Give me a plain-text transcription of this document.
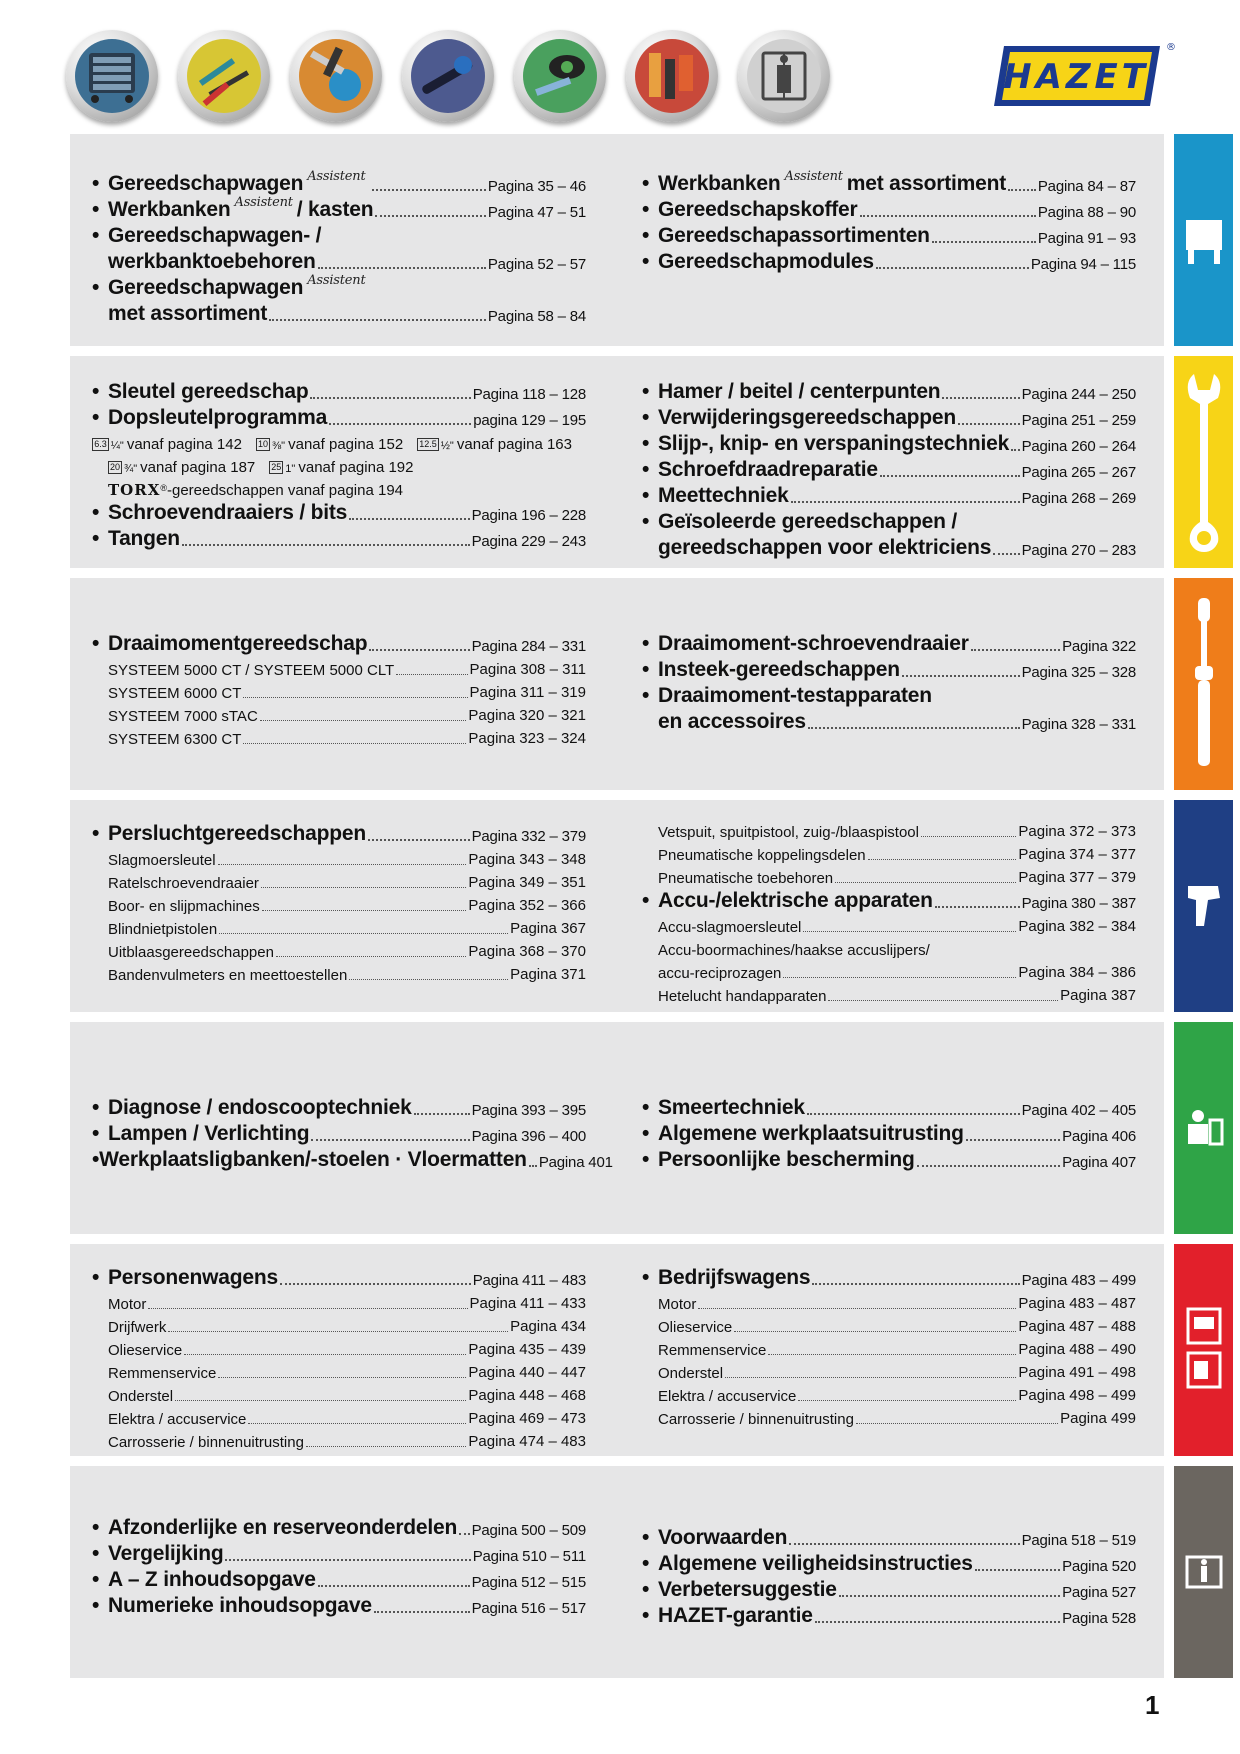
HAZET
®
• Gereedschapwagen $^{Assistent}$
Pagina 35 – 46
• Werkbanken $^{Assistent}$ / kasten	Pagina 47 – 51
• Gereedschapwagen- /
werkbanktoebehoren	Pagina 52 – 57
• Gereedschapwagen $^{Assistent}$
met assortiment	Pagina 58 – 84
• Werkbanken $^{Assistent}$ met assortiment Pagina 84 – 87
• Gereedschapskoffer	Pagina 88 – 90
• Gereedschapassortimenten	Pagina 91 – 93
• Gereedschapmodules	Pagina 94 – 115
• Sleutel gereedschap	Pagina 118 – 128
• Dopsleutelprogramma	pagina 129 – 195
6.3 ¼" vanaf pagina 142 10 ⅜" vanaf pagina 152 12.5 ½" vanaf pagina 163
20 ¾" vanaf pagina 187 25 1" vanaf pagina 192
TORX ® -gereedschappen vanaf pagina 194
• Schroevendraaiers / bits	Pagina 196 – 228
• Tangen	Pagina 229 – 243
• Hamer / beitel / centerpunten	Pagina 244 – 250
• Verwijderingsgereedschappen	Pagina 251 – 259
• Slijp-, knip- en verspaningstechniek Pagina 260 – 264
• Schroefdraadreparatie	Pagina 265 – 267
• Meettechniek	Pagina 268 – 269
• Geïsoleerde gereedschappen /
gereedschappen voor elektriciens Pagina 270 – 283
• Draaimomentgereedschap	Pagina 284 – 331
SYSTEEM 5000 CT / SYSTEEM 5000 CLT	Pagina 308 – 311
SYSTEEM 6000 CT	Pagina 311 – 319
SYSTEEM 7000 sTAC	Pagina 320 – 321
SYSTEEM 6300 CT	Pagina 323 – 324
• Draaimoment-schroevendraaier	Pagina 322
• Insteek-gereedschappen	Pagina 325 – 328
• Draaimoment-testapparaten
en accessoires	Pagina 328 – 331
• Persluchtgereedschappen	Pagina 332 – 379
Slagmoersleutel	Pagina 343 – 348
Ratelschroevendraaier	Pagina 349 – 351
Boor- en slijpmachines	Pagina 352 – 366
Blindnietpistolen	Pagina 367
Uitblaasgereedschappen	Pagina 368 – 370
Bandenvulmeters en meettoestellen	Pagina 371
Vetspuit, spuitpistool, zuig-/blaaspistool	Pagina 372 – 373
Pneumatische koppelingsdelen	Pagina 374 – 377
Pneumatische toebehoren	Pagina 377 – 379
• Accu-/elektrische apparaten	Pagina 380 – 387
Accu-slagmoersleutel	Pagina 382 – 384
Accu-boormachines/haakse accuslijpers/
accu-reciprozagen	Pagina 384 – 386
Hetelucht handapparaten	Pagina 387
• Diagnose / endoscooptechniek	Pagina 393 – 395
• Lampen / Verlichting	Pagina 396 – 400
• Werkplaatsligbanken/-stoelen · Vloermatten Pagina 401
• Smeertechniek	Pagina 402 – 405
• Algemene werkplaatsuitrusting	Pagina 406
• Persoonlijke bescherming	Pagina 407
• Personenwagens	Pagina 411 – 483
Motor	Pagina 411 – 433
Drijfwerk	Pagina 434
Olieservice	Pagina 435 – 439
Remmenservice	Pagina 440 – 447
Onderstel	Pagina 448 – 468
Elektra / accuservice	Pagina 469 – 473
Carrosserie / binnenuitrusting	Pagina 474 – 483
• Bedrijfswagens	Pagina 483 – 499
Motor	Pagina 483 – 487
Olieservice	Pagina 487 – 488
Remmenservice	Pagina 488 – 490
Onderstel	Pagina 491 – 498
Elektra / accuservice	Pagina 498 – 499
Carrosserie / binnenuitrusting	Pagina 499
• Afzonderlijke en reserveonderdelen Pagina 500 – 509
• Vergelijking	Pagina 510 – 511
• A – Z inhoudsopgave	Pagina 512 – 515
• Numerieke inhoudsopgave	Pagina 516 – 517
• Voorwaarden	Pagina 518 – 519
• Algemene veiligheidsinstructies	Pagina 520
• Verbetersuggestie	Pagina 527
• HAZET-garantie	Pagina 528
1
